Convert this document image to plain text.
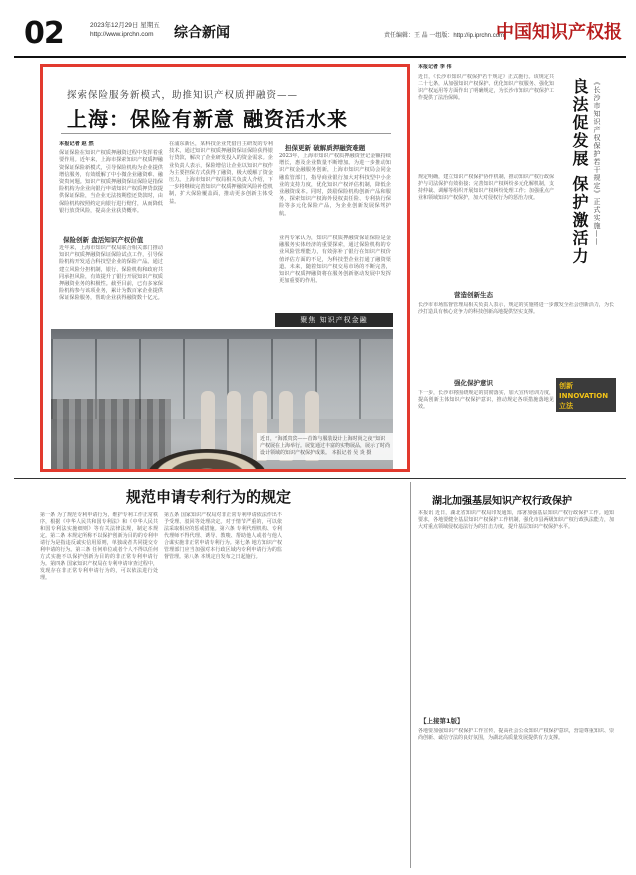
02	2023年12月29日 星期五
http://www.iprchn.com	综合新闻	责任编辑：王 晶 一组版：http://ip.iprchn.com
中国知识产权报
探索保险服务新模式，助推知识产权质押融资——
上海：保险有新意 融资活水来
本报记者 赵 然
保证保险在知识产权质押融资过程中发挥着重要作用。近年来，上海市探索知识产权质押融资保证保险新模式，引导保险机构为企业提供增信服务，有效缓解了中小微企业融资难、融资贵问题。知识产权质押融资保证保险是指保险机构为企业向银行申请知识产权质押贷款提供保证保险，当企业无法按期偿还贷款时，由保险机构按照约定向银行进行赔付，从而降低银行放贷风险，提高企业获贷概率。
保险创新 盘活知识产权价值
近年来，上海市知识产权局联合相关部门推动知识产权质押融资保证保险试点工作，引导保险机构开发适合科技型企业的保险产品。通过建立风险分担机制，银行、保险机构和政府共同承担风险，有效提升了银行开展知识产权质押融资业务的积极性。截至目前，已有多家保险机构参与该项业务，累计为数百家企业提供保证保险服务，帮助企业获得融资数十亿元。
在浦东新区，某科技企业凭借自主研发的专利技术，通过知识产权质押融资保证保险获得银行贷款，解决了企业研发投入的资金需求。企业负责人表示，保险增信让企业以知识产权作为主要担保方式获得了融资，极大缓解了资金压力。上海市知识产权局相关负责人介绍，下一步将继续完善知识产权质押融资风险补偿机制，扩大保险覆盖面，推动更多创新主体受益。
担保更新 破解质押融资难题
2023年，上海市知识产权质押融资登记金额持续增长，惠及企业数量不断增加。为进一步推动知识产权金融服务创新，上海市知识产权局会同金融监管部门，指导商业银行加大对科技型中小企业的支持力度，优化知识产权评估机制，降低企业融资成本。同时，鼓励保险机构创新产品和服务，探索知识产权海外侵权责任险、专利执行保险等多元化保险产品，为企业创新发展保驾护航。
业内专家认为，知识产权质押融资保证保险是金融服务实体经济的重要探索，通过保险机构的专业风险管理能力，有效弥补了银行在知识产权价值评估方面的不足，为科技型企业打通了融资渠道。未来，随着知识产权交易市场的不断完善，知识产权质押融资将在服务创新驱动发展中发挥更加重要的作用。
聚焦 知识产权金融
近日，“海派贵宾——首饰与服装设计上海时尚之夜”知识产权展在上海举行。展览通过丰富的实物展品，展示了时尚设计领域的知识产权保护成果。 本报记者 吴 炎 摄
本报记者 李 伟
近日，《长沙市知识产权保护若干规定》正式施行。该规定共二十七条，从加强知识产权保护、优化知识产权服务、强化知识产权运用等方面作出了明确规定，为长沙市知识产权保护工作提供了法治保障。
规定明确，建立知识产权保护协作机制，推动知识产权行政保护与司法保护有效衔接；完善知识产权纠纷多元化解机制，支持仲裁、调解等组织开展知识产权纠纷处理工作；加强重点产业和领域知识产权保护，加大对侵权行为的惩治力度。
营造创新生态
长沙市市场监督管理局相关负责人表示，规定的实施将进一步激发全社会创新活力，为长沙打造具有核心竞争力的科技创新高地提供坚实支撑。
强化保护意识
下一步，长沙市将围绕规定的贯彻落实，加大宣传培训力度，提高创新主体知识产权保护意识，推动规定各项措施落地见效。
《长沙市知识产权保护若干规定》正式实施——
良法促发展 保护激活力
创新 INNOVATION 立法
规范申请专利行为的规定	湖北加强基层知识产权行政保护
第一条 为了规范专利申请行为，维护专利工作正常秩序，根据《中华人民共和国专利法》和《中华人民共和国专利法实施细则》等有关法律法规，制定本规定。第二条 本规定所称不以保护创新为目的的专利申请行为是指违反诚实信用原则，单独或者共同提交专利申请的行为。第三条 任何单位或者个人不得以任何方式实施不以保护创新为目的的非正常专利申请行为。第四条 国家知识产权局在专利申请审查过程中，发现存在非正常专利申请行为的，可以依法进行处理。
第五条 国家知识产权局对非正常专利申请依法作出不予受理、驳回等处理决定。对于情节严重的，可以依法采取相应的惩戒措施。第六条 专利代理机构、专利代理师不得代理、诱导、教唆、帮助他人或者与他人合谋实施非正常申请专利行为。第七条 地方知识产权管理部门应当加强对本行政区域内专利申请行为的监督管理。第八条 本规定自发布之日起施行。
本报讯 近日，湖北省知识产权局印发通知，部署加强基层知识产权行政保护工作。通知要求，各地要健全基层知识产权保护工作机制，强化市县两级知识产权行政执法能力，加大对重点领域侵权违法行为的打击力度，提升基层知识产权保护水平。
【上接第1版】
各地要加强知识产权保护工作宣传，提高社会公众知识产权保护意识，营造尊重知识、崇尚创新、诚信守法的良好氛围，为湖北高质量发展提供有力支撑。
